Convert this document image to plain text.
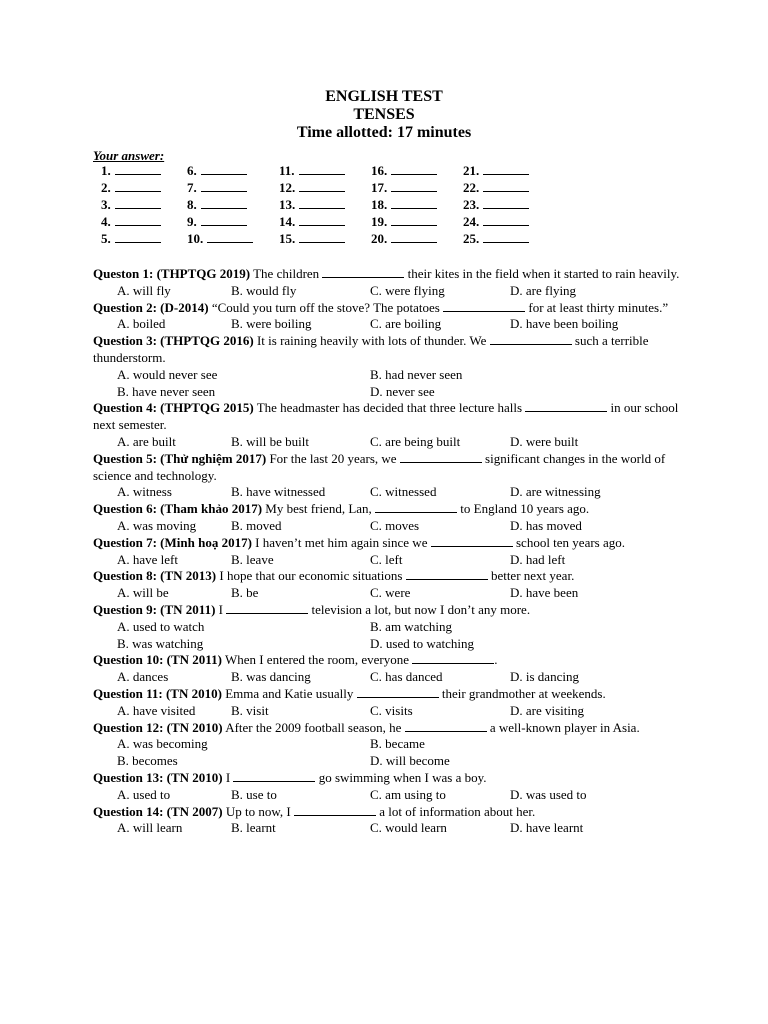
ENGLISH TEST
TENSES
Time allotted: 17 minutes
Your answer:
1.	6.	11.	16.	21.
2.	7.	12.	17.	22.
3.	8.	13.	18.	23.
4.	9.	14.	19.	24.
5.	10.	15.	20.	25.
Queston 1: (THPTQG 2019) The children	their kites in the field when it started to rain heavily.
A. will fly	B. would fly	C. were flying	D. are flying
Question 2: (D-2014) “Could you turn off the stove? The potatoes	for at least thirty minutes.”
A. boiled	B. were boiling	C. are boiling	D. have been boiling
Question 3: (THPTQG 2016) It is raining heavily with lots of thunder. We	such a terrible thunderstorm.
A. would never see	B. had never seen
B. have never seen	D. never see
Question 4: (THPTQG 2015) The headmaster has decided that three lecture halls	in our school next semester.
A. are built	B. will be built	C. are being built	D. were built
Question 5: (Thử nghiệm 2017) For the last 20 years, we	significant changes in the world of science and technology.
A. witness	B. have witnessed	C. witnessed	D. are witnessing
Question 6: (Tham khảo 2017) My best friend, Lan,	to England 10 years ago.
A. was moving	B. moved	C. moves	D. has moved
Question 7: (Minh hoạ 2017) I haven’t met him again since we	school ten years ago.
A. have left	B. leave	C. left	D. had left
Question 8: (TN 2013) I hope that our economic situations	better next year.
A. will be	B. be	C. were	D. have been
Question 9: (TN 2011) I	television a lot, but now I don’t any more.
A. used to watch	B. am watching
B. was watching	D. used to watching
Question 10: (TN 2011) When I entered the room, everyone	.
A. dances	B. was dancing	C. has danced	D. is dancing
Question 11: (TN 2010) Emma and Katie usually	their grandmother at weekends.
A. have visited	B. visit	C. visits	D. are visiting
Question 12: (TN 2010) After the 2009 football season, he	a well-known player in Asia.
A. was becoming	B. became
B. becomes	D. will become
Question 13: (TN 2010) I	go swimming when I was a boy.
A. used to	B. use to	C. am using to	D. was used to
Question 14: (TN 2007) Up to now, I	a lot of information about her.
A. will learn	B. learnt	C. would learn	D. have learnt
